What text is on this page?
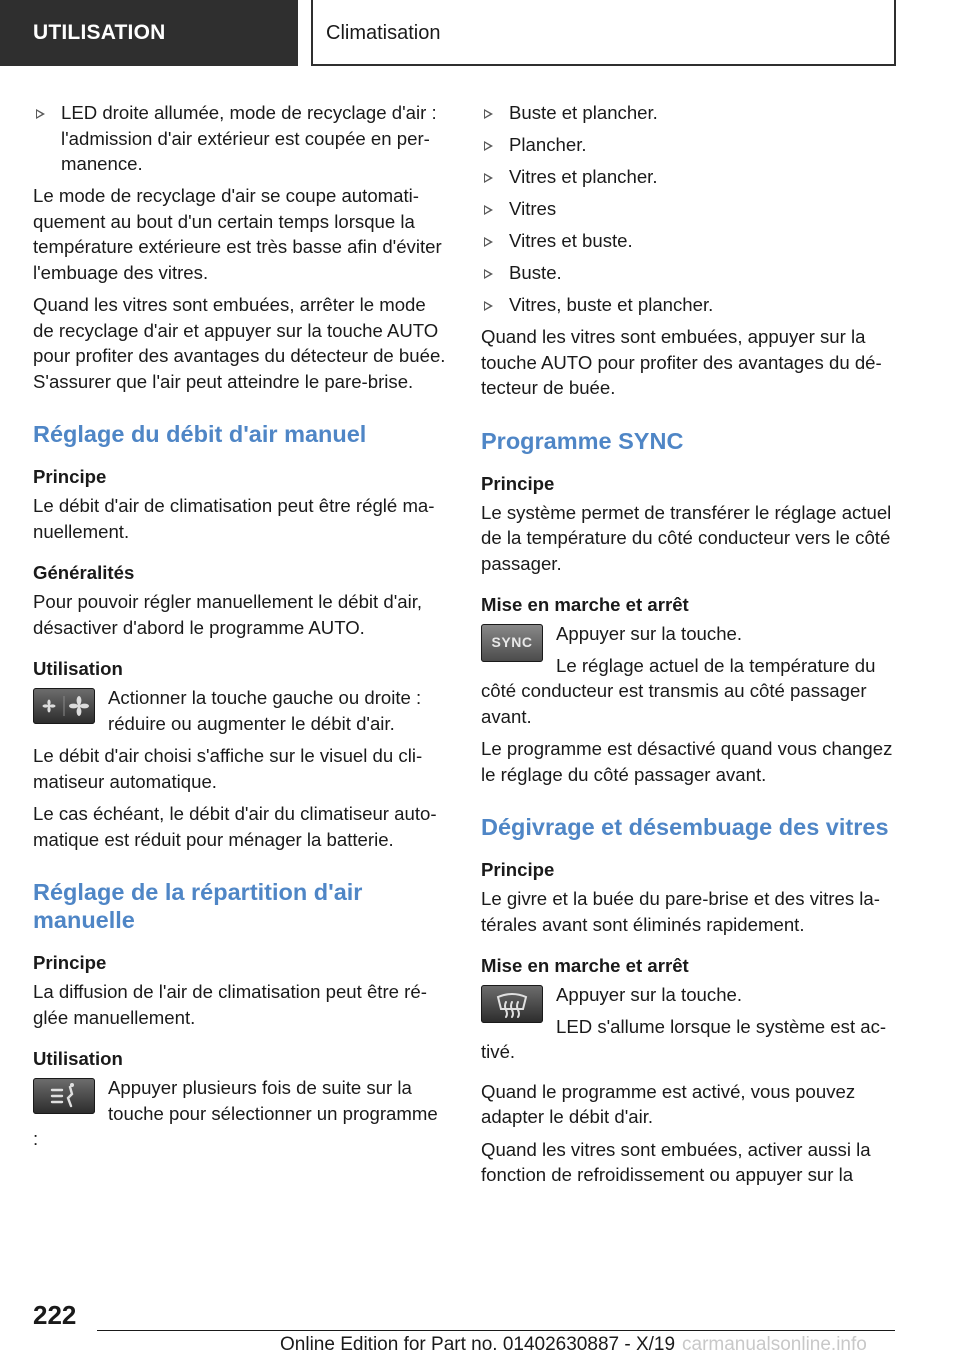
UTILISATION	Climatisation
LED droite allumée, mode de recyclage d'air : l'admission d'air extérieur est coupée en permanence.

Le mode de recyclage d'air se coupe automatiquement au bout d'un certain temps lorsque la température extérieure est très basse afin d'éviter l'embuage des vitres.

Quand les vitres sont embuées, arrêter le mode de recyclage d'air et appuyer sur la touche AUTO pour profiter des avantages du détecteur de buée. S'assurer que l'air peut atteindre le pare-brise.

Réglage du débit d'air manuel
Principe

Le débit d'air de climatisation peut être réglé manuellement.

Généralités

Pour pouvoir régler manuellement le débit d'air, désactiver d'abord le programme AUTO.

Utilisation
Actionner la touche gauche ou droite : réduire ou augmenter le débit d'air.

Le débit d'air choisi s'affiche sur le visuel du climatiseur automatique.

Le cas échéant, le débit d'air du climatiseur automatique est réduit pour ménager la batterie.

Réglage de la répartition d'air manuelle
Principe

La diffusion de l'air de climatisation peut être réglée manuellement.

Utilisation
Appuyer plusieurs fois de suite sur la touche pour sélectionner un programme :
Buste et plancher.
Plancher.
Vitres et plancher.
Vitres
Vitres et buste.
Buste.
Vitres, buste et plancher.

Quand les vitres sont embuées, appuyer sur la touche AUTO pour profiter des avantages du détecteur de buée.

Programme SYNC
Principe

Le système permet de transférer le réglage actuel de la température du côté conducteur vers le côté passager.

Mise en marche et arrêt
SYNC Appuyer sur la touche.

Le réglage actuel de la température du côté conducteur est transmis au côté passager avant.

Le programme est désactivé quand vous changez le réglage du côté passager avant.

Dégivrage et désembuage des vitres
Principe

Le givre et la buée du pare-brise et des vitres latérales avant sont éliminés rapidement.

Mise en marche et arrêt
Appuyer sur la touche.

LED s'allume lorsque le système est activé.

Quand le programme est activé, vous pouvez adapter le débit d'air.

Quand les vitres sont embuées, activer aussi la fonction de refroidissement ou appuyer sur la

222
Online Edition for Part no. 01402630887 - X/19 carmanualsonline.info
